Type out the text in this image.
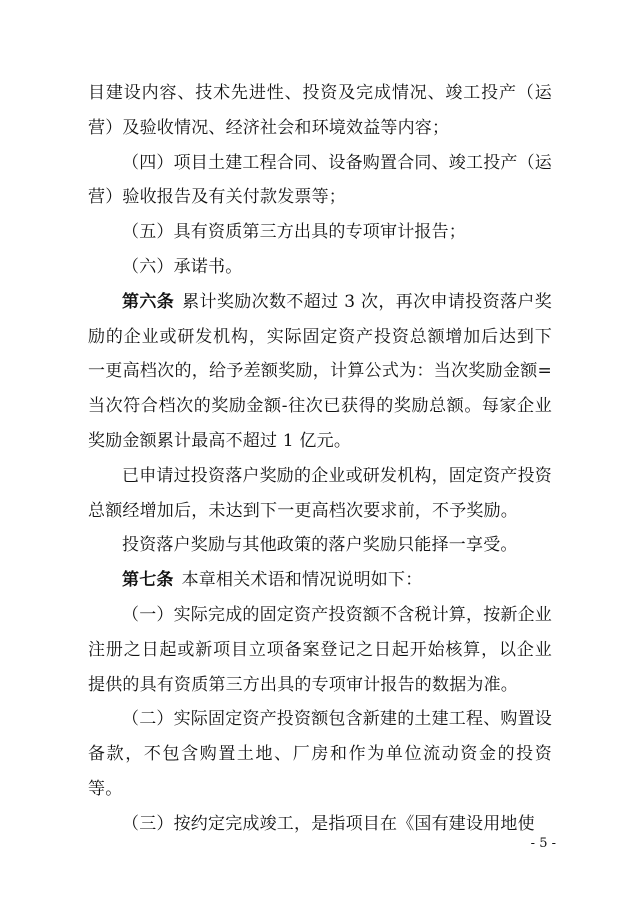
目建设内容、技术先进性、投资及完成情况、竣工投产（运营）及验收情况、经济社会和环境效益等内容；

（四）项目土建工程合同、设备购置合同、竣工投产（运营）验收报告及有关付款发票等；

（五）具有资质第三方出具的专项审计报告；

（六）承诺书。

第六条 累计奖励次数不超过 3 次，再次申请投资落户奖励的企业或研发机构，实际固定资产投资总额增加后达到下一更高档次的，给予差额奖励，计算公式为：当次奖励金额=当次符合档次的奖励金额-往次已获得的奖励总额。每家企业奖励金额累计最高不超过 1 亿元。

已申请过投资落户奖励的企业或研发机构，固定资产投资总额经增加后，未达到下一更高档次要求前，不予奖励。

投资落户奖励与其他政策的落户奖励只能择一享受。

第七条 本章相关术语和情况说明如下：

（一）实际完成的固定资产投资额不含税计算，按新企业注册之日起或新项目立项备案登记之日起开始核算，以企业提供的具有资质第三方出具的专项审计报告的数据为准。

（二）实际固定资产投资额包含新建的土建工程、购置设备款，不包含购置土地、厂房和作为单位流动资金的投资等。

（三）按约定完成竣工，是指项目在《国有建设用地使

- 5 -
